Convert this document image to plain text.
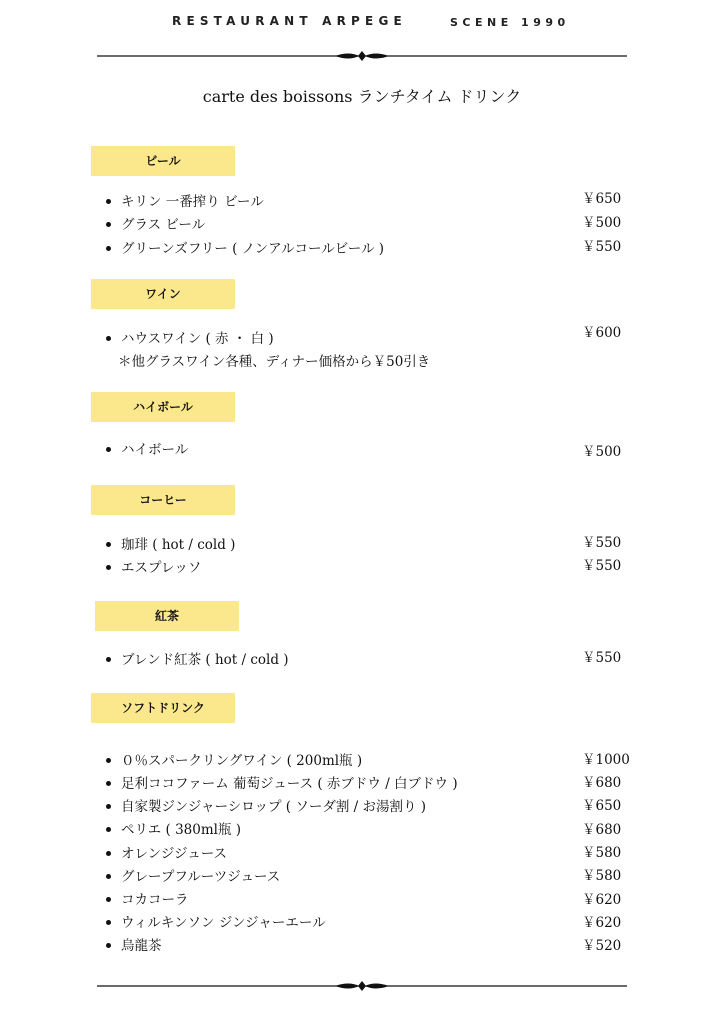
RESTAURANT ARPEGE	SCENE 1990
carte des boissons ランチタイム ドリンク
ビール
キリン 一番搾り ビール	￥650
グラス ビール	￥500
グリーンズフリー ( ノンアルコールビール )	￥550
ワイン
ハウスワイン ( 赤 ・ 白 )	￥600
＊他グラスワイン各種、ディナー価格から￥50引き
ハイボール
ハイボール	￥500
コーヒー
珈琲 ( hot / cold )	￥550
エスプレッソ	￥550
紅茶
ブレンド紅茶 ( hot / cold )	￥550
ソフトドリンク
０％スパークリングワイン ( 200ml瓶 )	￥1000
足利ココファーム 葡萄ジュース ( 赤ブドウ / 白ブドウ )	￥680
自家製ジンジャーシロップ ( ソーダ割 / お湯割り )	￥650
ペリエ ( 380ml瓶 )	￥680
オレンジジュース	￥580
グレープフルーツジュース	￥580
コカコーラ	￥620
ウィルキンソン ジンジャーエール	￥620
烏龍茶	￥520
